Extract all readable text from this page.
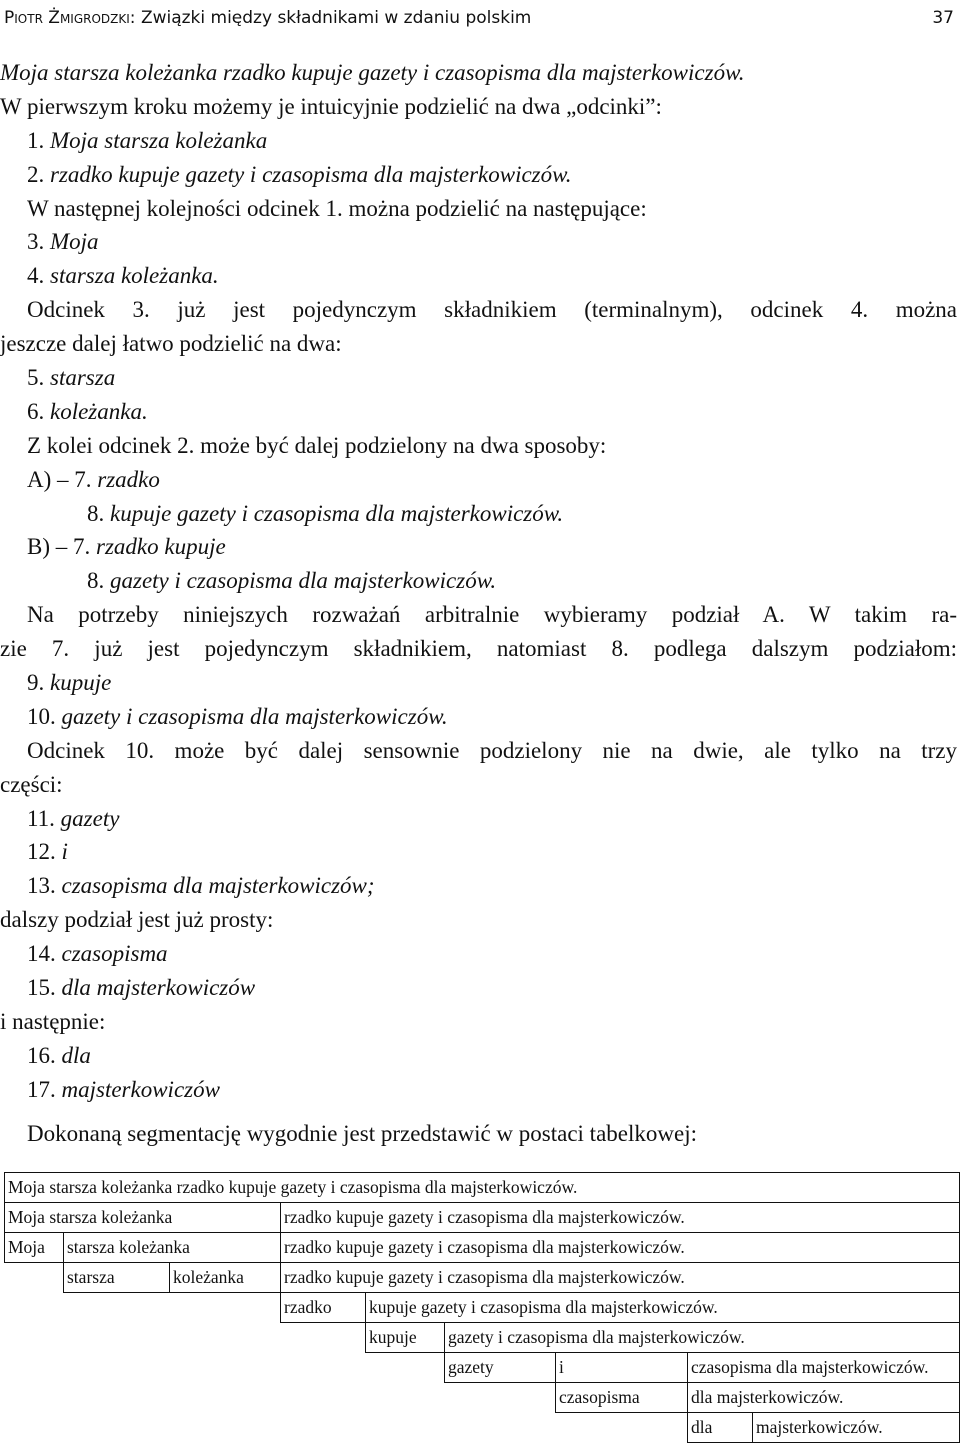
Piotr Żmigrodzki: Związki między składnikami w zdaniu polskim	37
Moja starsza koleżanka rzadko kupuje gazety i czasopisma dla majsterkowiczów.
W pierwszym kroku możemy je intuicyjnie podzielić na dwa „odcinki”:
1. Moja starsza koleżanka
2. rzadko kupuje gazety i czasopisma dla majsterkowiczów.
W następnej kolejności odcinek 1. można podzielić na następujące:
3. Moja
4. starsza koleżanka.
Odcinek 3. już jest pojedynczym składnikiem (terminalnym), odcinek 4. można
jeszcze dalej łatwo podzielić na dwa:
5. starsza
6. koleżanka.
Z kolei odcinek 2. może być dalej podzielony na dwa sposoby:
A) – 7. rzadko
8. kupuje gazety i czasopisma dla majsterkowiczów.
B) – 7. rzadko kupuje
8. gazety i czasopisma dla majsterkowiczów.
Na potrzeby niniejszych rozważań arbitralnie wybieramy podział A. W takim ra-
zie 7. już jest pojedynczym składnikiem, natomiast 8. podlega dalszym podziałom:
9. kupuje
10. gazety i czasopisma dla majsterkowiczów.
Odcinek 10. może być dalej sensownie podzielony nie na dwie, ale tylko na trzy
części:
11. gazety
12. i
13. czasopisma dla majsterkowiczów;
dalszy podział jest już prosty:
14. czasopisma
15. dla majsterkowiczów
i następnie:
16. dla
17. majsterkowiczów
Dokonaną segmentację wygodnie jest przedstawić w postaci tabelkowej:
Moja starsza koleżanka rzadko kupuje gazety i czasopisma dla majsterkowiczów.								
Moja starsza koleżanka			rzadko kupuje gazety i czasopisma dla majsterkowiczów.					
Moja	starsza koleżanka		rzadko kupuje gazety i czasopisma dla majsterkowiczów.					
	starsza	koleżanka	rzadko kupuje gazety i czasopisma dla majsterkowiczów.					
			rzadko	kupuje gazety i czasopisma dla majsterkowiczów.				
				kupuje	gazety i czasopisma dla majsterkowiczów.			
					gazety	i	czasopisma dla majsterkowiczów.	
						czasopisma	dla majsterkowiczów.	
							dla	majsterkowiczów.
